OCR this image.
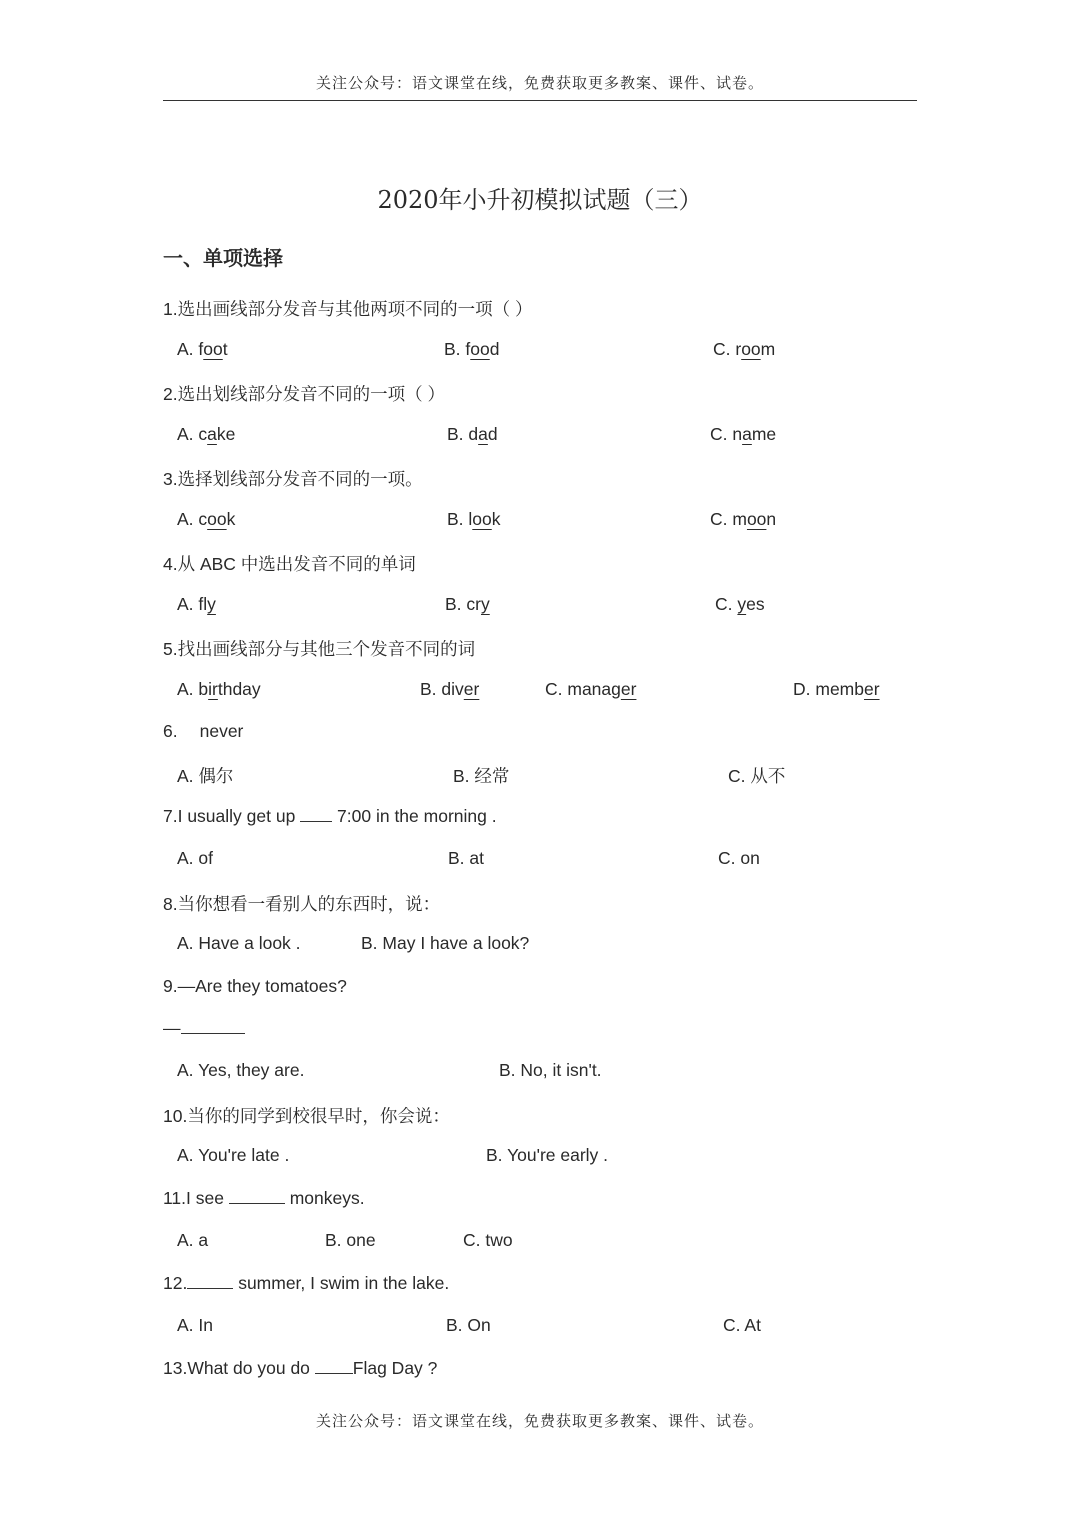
关注公众号：语文课堂在线，免费获取更多教案、课件、试卷。
2020年小升初模拟试题（三）
一、单项选择
1.选出画线部分发音与其他两项不同的一项（ ）
A. foot	B. food	C. room
2.选出划线部分发音不同的一项（ ）
A. cake	B. dad	C. name
3.选择划线部分发音不同的一项。
A. cook	B. look	C. moon
4.从 ABC 中选出发音不同的单词
A. fly	B. cry	C. yes
5.找出画线部分与其他三个发音不同的词
A. birthday	B. diver	C. manager	D. member
6. never
A. 偶尔	B. 经常	C. 从不
7.I usually get up  7:00 in the morning .
A. of	B. at	C. on
8.当你想看一看别人的东西时，说：
A. Have a look .	B. May I have a look?
9.—Are they tomatoes?
—
A. Yes, they are.	B. No, it isn't.
10.当你的同学到校很早时，你会说：
A. You're late .	B. You're early .
11.I see	monkeys.
A. a	B. one	C. two
12.	summer, I swim in the lake.
A. In	B. On	C. At
13.What do you do Flag Day ?
关注公众号：语文课堂在线，免费获取更多教案、课件、试卷。
